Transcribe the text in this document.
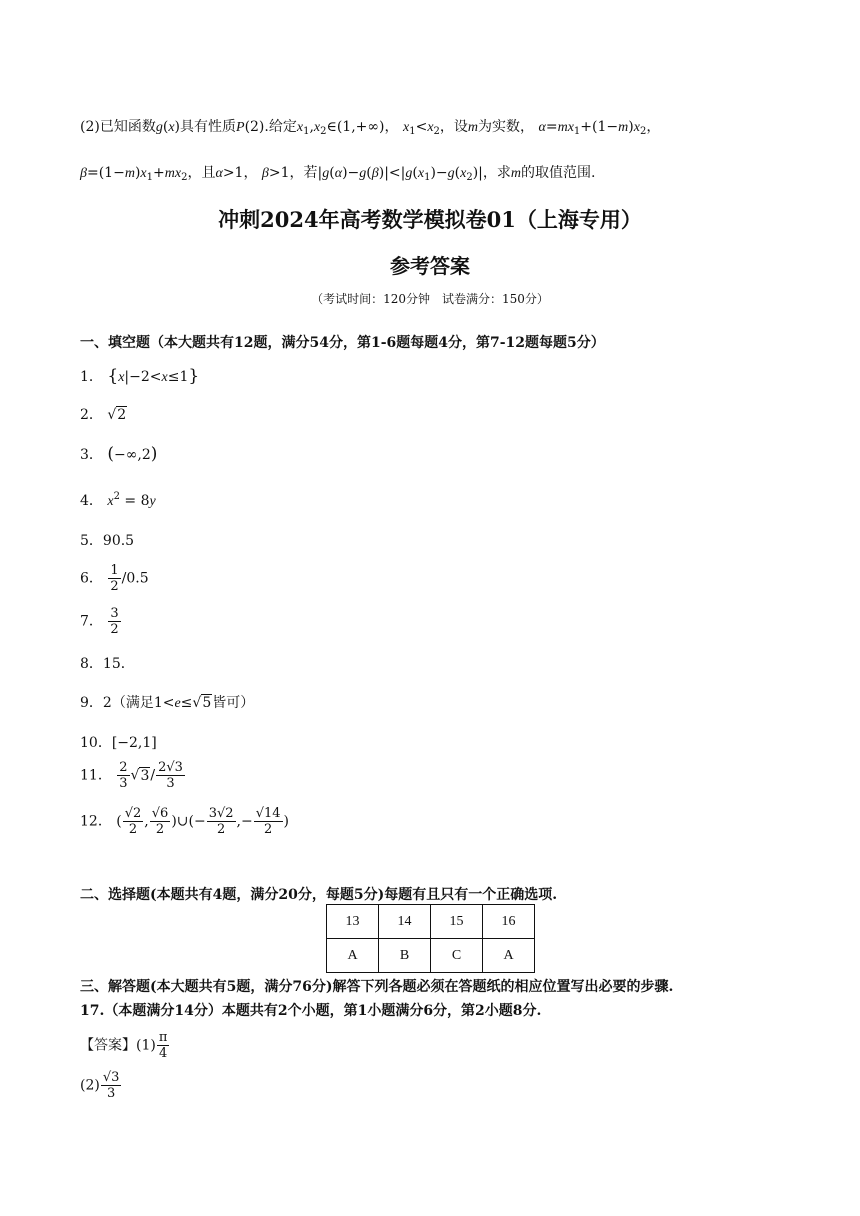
(2)已知函数g(x)具有性质P(2).给定$x_1,x_2\in(1,+\infty)$， $x_1<x_2$，设m为实数， $\alpha=mx_1+(1-m)x_2$，
$\beta=(1-m)x_1+mx_2$，且α>1， β>1，若$|g(\alpha)-g(\beta)|<|g(x_1)-g(x_2)|$，求m的取值范围.
冲刺2024年高考数学模拟卷01（上海专用）
参考答案
（考试时间：120分钟　试卷满分：150分）
一、填空题（本大题共有12题，满分54分，第1-6题每题4分，第7-12题每题5分）
1． {x|−2<x≤1}
2． √2
3． (−∞,2)
4． $x^2 = 8y$
5．90.5
6． $\frac{1}{2} /0.5$
7． $\frac{3}{2}$
8．15．
9．2（满足1<e≤√5皆可）
10．[−2,1]
11． $\frac{2}{3} √3/ \frac{2√3}{3}$
12． ( $\frac{√2}{2}$ , $\frac{√6}{2}$ )∪(− $\frac{3√2}{2}$ ,− $\frac{√14}{2}$ )
二、选择题(本题共有4题，满分20分，每题5分)每题有且只有一个正确选项.
13	14	15	16
A	B	C	A
三、解答题(本大题共有5题，满分76分)解答下列各题必须在答题纸的相应位置写出必要的步骤.
17.（本题满分14分）本题共有2个小题，第1小题满分6分，第2小题8分.
【答案】$(1) \frac{\pi}{4}$
$(2) \frac{√3}{3}$
